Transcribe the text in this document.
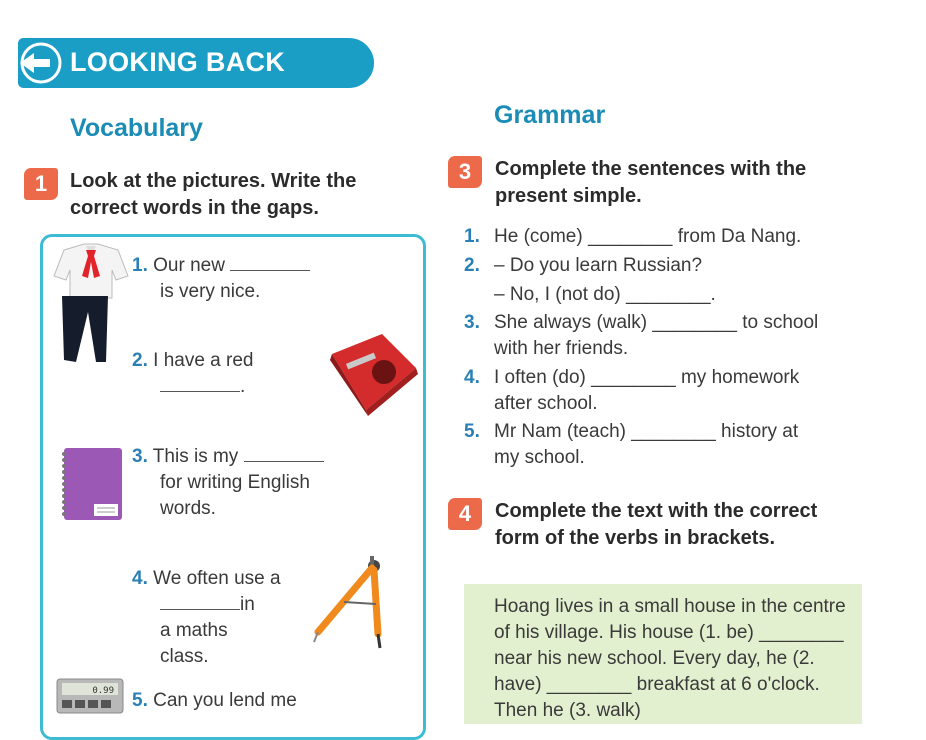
LOOKING BACK
Vocabulary
1	Look at the pictures. Write the correct words in the gaps.
0.99
1. Our new
is very nice.
2. I have a red
.
3. This is my

for writing English words.
4. We often use a

in
a maths class.
5. Can you lend me
Grammar
3	Complete the sentences with the present simple.
1. He (come) ________ from Da Nang.
2. – Do you learn Russian?
– No, I (not do) ________.
3. She always (walk) ________ to school
with her friends.
4. I often (do) ________ my homework
after school.
5. Mr Nam (teach) ________ history at
my school.
4	Complete the text with the correct form of the verbs in brackets.
Hoang lives in a small house in the centre of his village. His house (1. be) ________ near his new school. Every day, he (2. have) ________ breakfast at 6 o'clock. Then he (3. walk)
